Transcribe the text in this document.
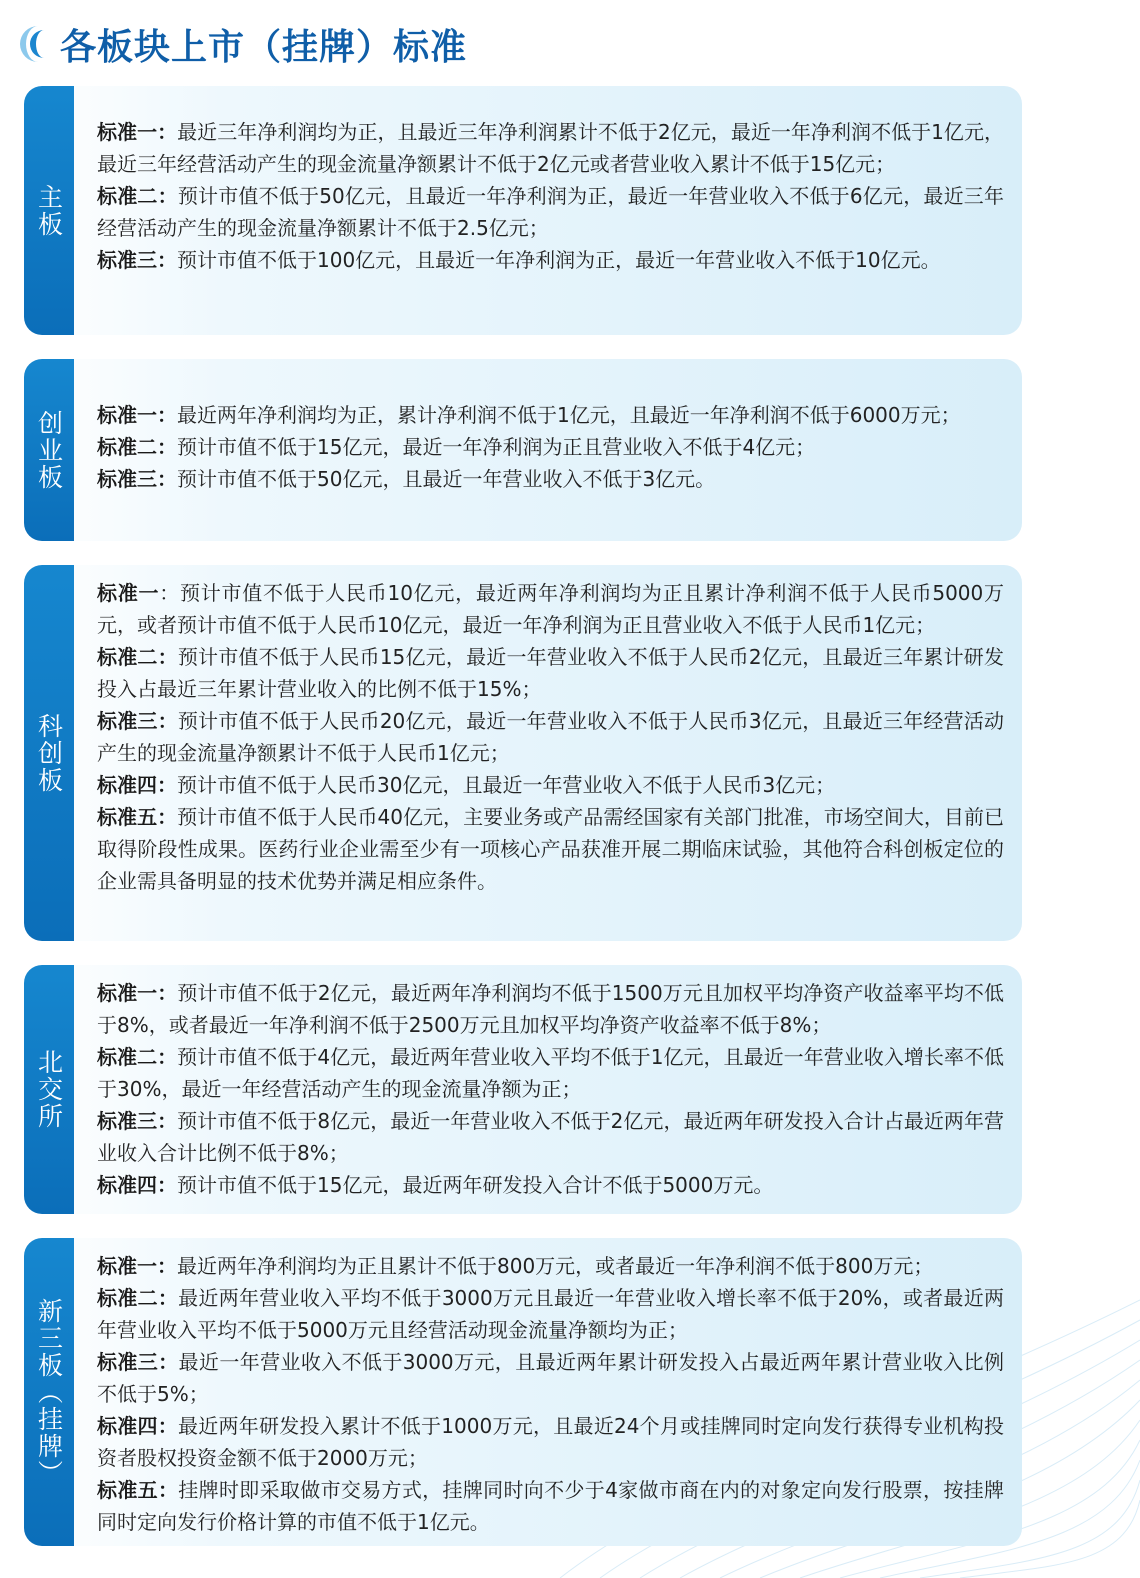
各板块上市（挂牌）标准
主板

标准一：最近三年净利润均为正，且最近三年净利润累计不低于2亿元，最近一年净利润不低于1亿元，最近三年经营活动产生的现金流量净额累计不低于2亿元或者营业收入累计不低于15亿元；

标准二：预计市值不低于50亿元，且最近一年净利润为正，最近一年营业收入不低于6亿元，最近三年经营活动产生的现金流量净额累计不低于2.5亿元；

标准三：预计市值不低于100亿元，且最近一年净利润为正，最近一年营业收入不低于10亿元。

创业板 标准一：最近两年净利润均为正，累计净利润不低于1亿元，且最近一年净利润不低于6000万元；

标准二：预计市值不低于15亿元，最近一年净利润为正且营业收入不低于4亿元；

标准三：预计市值不低于50亿元，且最近一年营业收入不低于3亿元。

科创板

标准一：预计市值不低于人民币10亿元，最近两年净利润均为正且累计净利润不低于人民币5000万元，或者预计市值不低于人民币10亿元，最近一年净利润为正且营业收入不低于人民币1亿元；

标准二：预计市值不低于人民币15亿元，最近一年营业收入不低于人民币2亿元，且最近三年累计研发投入占最近三年累计营业收入的比例不低于15%；

标准三：预计市值不低于人民币20亿元，最近一年营业收入不低于人民币3亿元，且最近三年经营活动产生的现金流量净额累计不低于人民币1亿元；

标准四：预计市值不低于人民币30亿元，且最近一年营业收入不低于人民币3亿元；

标准五：预计市值不低于人民币40亿元，主要业务或产品需经国家有关部门批准，市场空间大，目前已取得阶段性成果。医药行业企业需至少有一项核心产品获准开展二期临床试验，其他符合科创板定位的企业需具备明显的技术优势并满足相应条件。

北交所

标准一：预计市值不低于2亿元，最近两年净利润均不低于1500万元且加权平均净资产收益率平均不低于8%，或者最近一年净利润不低于2500万元且加权平均净资产收益率不低于8%；

标准二：预计市值不低于4亿元，最近两年营业收入平均不低于1亿元，且最近一年营业收入增长率不低于30%，最近一年经营活动产生的现金流量净额为正；

标准三：预计市值不低于8亿元，最近一年营业收入不低于2亿元，最近两年研发投入合计占最近两年营业收入合计比例不低于8%；

标准四：预计市值不低于15亿元，最近两年研发投入合计不低于5000万元。

新三板（挂牌）

标准一：最近两年净利润均为正且累计不低于800万元，或者最近一年净利润不低于800万元；

标准二：最近两年营业收入平均不低于3000万元且最近一年营业收入增长率不低于20%，或者最近两年营业收入平均不低于5000万元且经营活动现金流量净额均为正；

标准三：最近一年营业收入不低于3000万元，且最近两年累计研发投入占最近两年累计营业收入比例不低于5%；

标准四：最近两年研发投入累计不低于1000万元，且最近24个月或挂牌同时定向发行获得专业机构投资者股权投资金额不低于2000万元；

标准五：挂牌时即采取做市交易方式，挂牌同时向不少于4家做市商在内的对象定向发行股票，按挂牌同时定向发行价格计算的市值不低于1亿元。
